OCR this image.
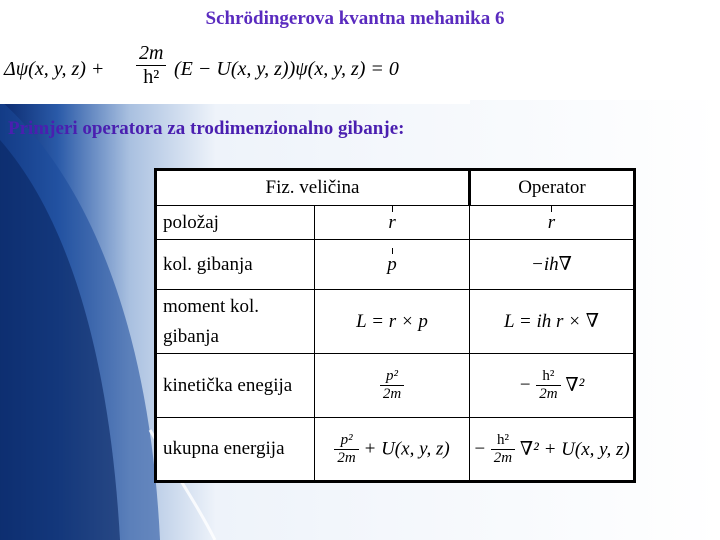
Schrödingerova kvantna mehanika 6
Δψ(x, y, $z) + \frac{2m}{\text{h²}} (E - U(x$, y, z))ψ(x, y, z) = 0
Primjeri operatora za trodimenzionalno gibanje:
Fiz. veličina		Operator
položaj	r	r
kol. gibanja	p	−ih∇
moment kol. gibanja	L = r × p	L = ih r × ∇
kinetička enegija	$\frac{\text{p²}}{2m}$	− $\frac{\text{h²}}{2m} \nabla^2$
ukupna energija	$\frac{\text{p²}}{2m} + U(x$, y, z)	− $\frac{\text{h²}}{2m} \nabla^2 + U(x$, y, z)
